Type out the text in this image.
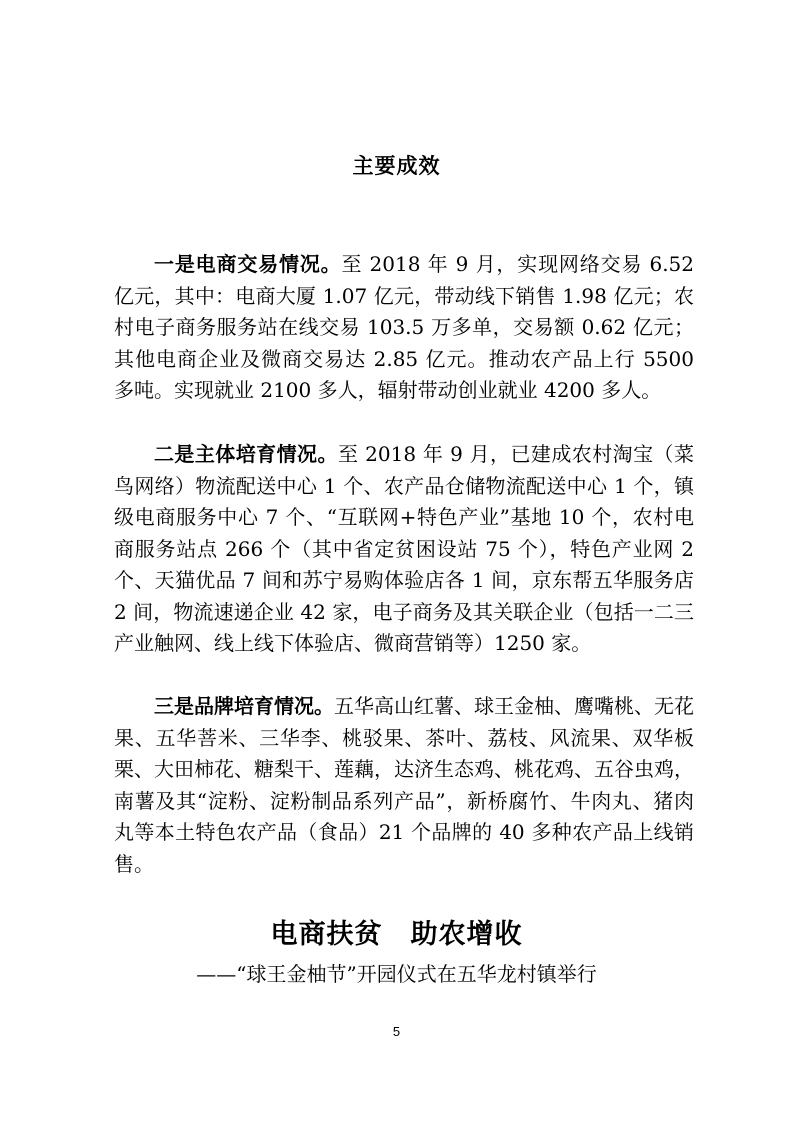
主要成效

一是电商交易情况。至 2018 年 9 月，实现网络交易 6.52 亿元，其中：电商大厦 1.07 亿元，带动线下销售 1.98 亿元；农村电子商务服务站在线交易 103.5 万多单，交易额 0.62 亿元；其他电商企业及微商交易达 2.85 亿元。推动农产品上行 5500 多吨。实现就业 2100 多人，辐射带动创业就业 4200 多人。

二是主体培育情况。至 2018 年 9 月，已建成农村淘宝（菜鸟网络）物流配送中心 1 个、农产品仓储物流配送中心 1 个，镇级电商服务中心 7 个、“互联网+特色产业”基地 10 个，农村电商服务站点 266 个（其中省定贫困设站 75 个），特色产业网 2 个、天猫优品 7 间和苏宁易购体验店各 1 间，京东帮五华服务店 2 间，物流速递企业 42 家，电子商务及其关联企业（包括一二三产业触网、线上线下体验店、微商营销等）1250 家。

三是品牌培育情况。五华高山红薯、球王金柚、鹰嘴桃、无花果、五华菩米、三华李、桃驳果、茶叶、荔枝、风流果、双华板栗、大田柿花、糖梨干、莲藕，达济生态鸡、桃花鸡、五谷虫鸡，南薯及其“淀粉、淀粉制品系列产品”，新桥腐竹、牛肉丸、猪肉丸等本土特色农产品（食品）21 个品牌的 40 多种农产品上线销售。

电商扶贫 助农增收
——“球王金柚节”开园仪式在五华龙村镇举行
5
